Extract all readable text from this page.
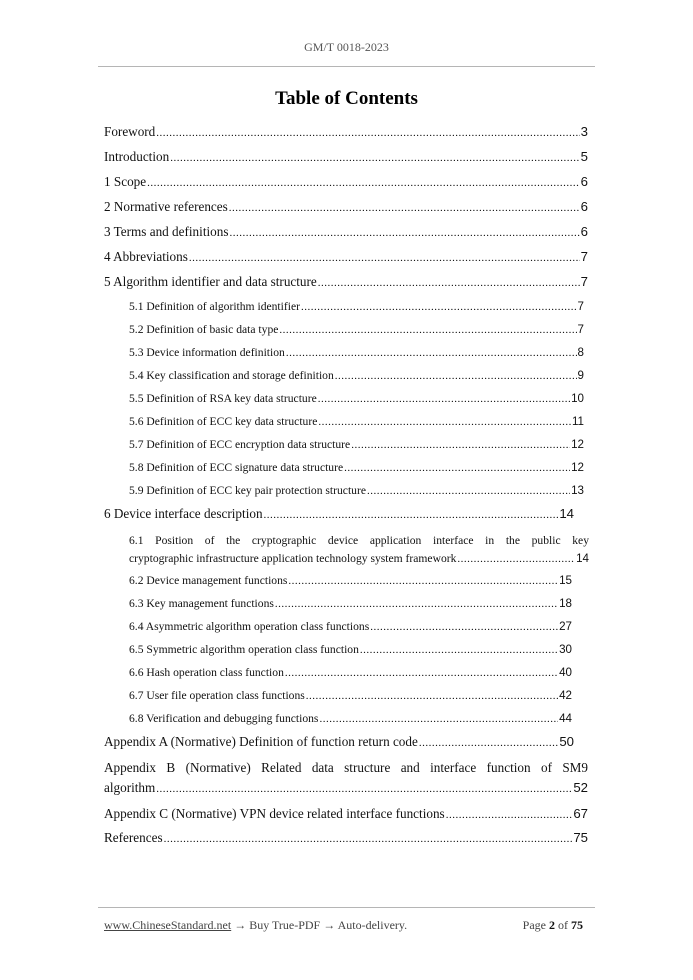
GM/T 0018-2023
Table of Contents
Foreword .....	3
Introduction .....	5
1 Scope .....	6
2 Normative references .....	6
3 Terms and definitions .....	6
4 Abbreviations .....	7
5 Algorithm identifier and data structure .....	7
5.1 Definition of algorithm identifier .....	7
5.2 Definition of basic data type .....	7
5.3 Device information definition .....	8
5.4 Key classification and storage definition .....	9
5.5 Definition of RSA key data structure .....	10
5.6 Definition of ECC key data structure .....	11
5.7 Definition of ECC encryption data structure .....	12
5.8 Definition of ECC signature data structure .....	12
5.9 Definition of ECC key pair protection structure .....	13
6 Device interface description .....	14
6.1 Position of the cryptographic device application interface in the public key
cryptographic infrastructure application technology system framework .....	14
6.2 Device management functions .....	15
6.3 Key management functions .....	18
6.4 Asymmetric algorithm operation class functions .....	27
6.5 Symmetric algorithm operation class function .....	30
6.6 Hash operation class function .....	40
6.7 User file operation class functions .....	42
6.8 Verification and debugging functions .....	44
Appendix A (Normative) Definition of function return code .....	50
Appendix B (Normative) Related data structure and interface function of SM9
algorithm .....	52
Appendix C (Normative) VPN device related interface functions .....	67
References .....	75
www.ChineseStandard.net → Buy True-PDF → Auto-delivery.	Page 2 of 75
